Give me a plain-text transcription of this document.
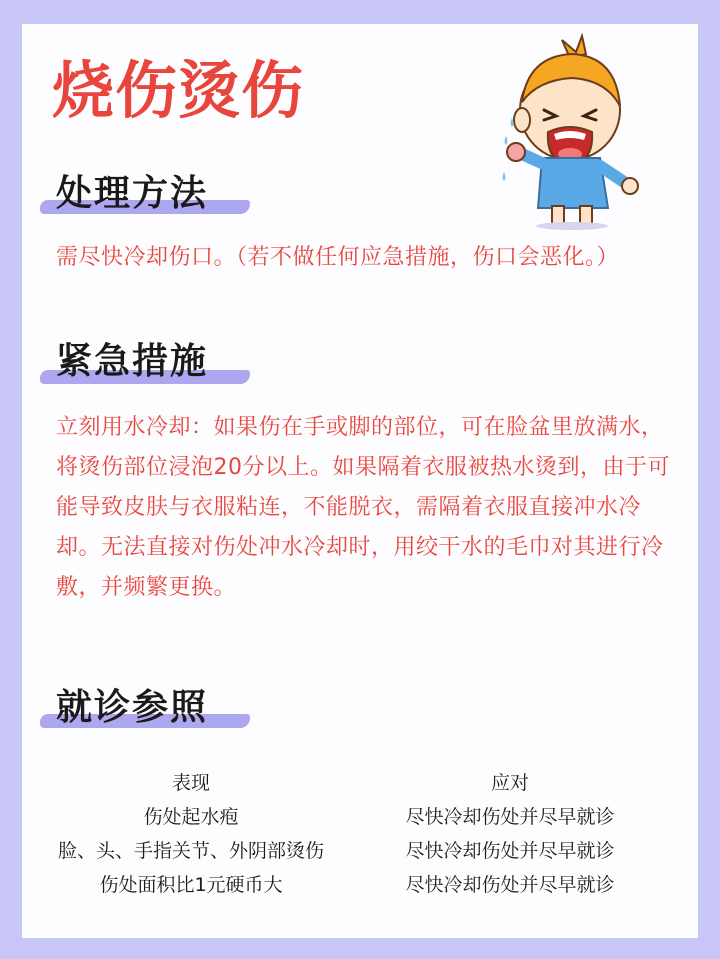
烧伤烫伤
处理方法
需尽快冷却伤口。（若不做任何应急措施，伤口会恶化。）
紧急措施
立刻用水冷却：如果伤在手或脚的部位，可在脸盆里放满水，将烫伤部位浸泡20分以上。如果隔着衣服被热水烫到，由于可能导致皮肤与衣服粘连，不能脱衣，需隔着衣服直接冲水冷却。无法直接对伤处冲水冷却时，用绞干水的毛巾对其进行冷敷，并频繁更换。
就诊参照
表现	应对
伤处起水疱	尽快冷却伤处并尽早就诊
脸、头、手指关节、外阴部烫伤	尽快冷却伤处并尽早就诊
伤处面积比1元硬币大	尽快冷却伤处并尽早就诊
